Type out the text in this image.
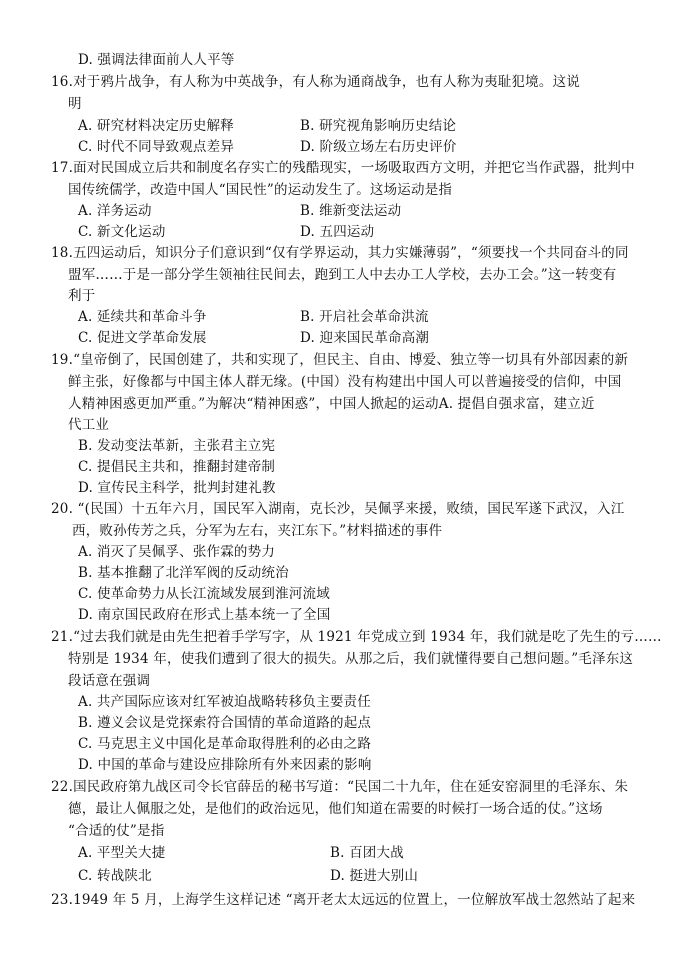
D. 强调法律面前人人平等
16.对于鸦片战争，有人称为中英战争，有人称为通商战争，也有人称为夷耻犯境。这说
明
A. 研究材料决定历史解释	B. 研究视角影响历史结论
C. 时代不同导致观点差异	D. 阶级立场左右历史评价
17.面对民国成立后共和制度名存实亡的残酷现实，一场吸取西方文明，并把它当作武器，批判中
国传统儒学，改造中国人“国民性”的运动发生了。这场运动是指
A. 洋务运动	B. 维新变法运动
C. 新文化运动	D. 五四运动
18.五四运动后，知识分子们意识到“仅有学界运动，其力实嫌薄弱”，“须要找一个共同奋斗的同
盟军……于是一部分学生领袖往民间去，跑到工人中去办工人学校，去办工会。”这一转变有
利于
A. 延续共和革命斗争	B. 开启社会革命洪流
C. 促进文学革命发展	D. 迎来国民革命高潮
19.“皇帝倒了，民国创建了，共和实现了，但民主、自由、博爱、独立等一切具有外部因素的新
鲜主张，好像都与中国主体人群无缘。(中国）没有构建出中国人可以普遍接受的信仰，中国
人精神困惑更加严重。”为解决“精神困惑”，中国人掀起的运动A. 提倡自强求富，建立近
代工业
B. 发动变法革新，主张君主立宪
C. 提倡民主共和，推翻封建帝制
D. 宣传民主科学，批判封建礼教
20. “(民国）十五年六月，国民军入湖南，克长沙，吴佩孚来援，败绩，国民军遂下武汉，入江
西，败孙传芳之兵，分军为左右，夹江东下。”材料描述的事件
A. 消灭了吴佩孚、张作霖的势力
B. 基本推翻了北洋军阀的反动统治
C. 使革命势力从长江流域发展到淮河流域
D. 南京国民政府在形式上基本统一了全国
21.“过去我们就是由先生把着手学写字，从 1921 年党成立到 1934 年，我们就是吃了先生的亏……
特别是 1934 年，使我们遭到了很大的损失。从那之后，我们就懂得要自己想问题。”毛泽东这
段话意在强调
A. 共产国际应该对红军被迫战略转移负主要责任
B. 遵义会议是党探索符合国情的革命道路的起点
C. 马克思主义中国化是革命取得胜利的必由之路
D. 中国的革命与建设应排除所有外来因素的影响
22.国民政府第九战区司令长官薛岳的秘书写道：“民国二十九年，住在延安窑洞里的毛泽东、朱
德，最让人佩服之处，是他们的政治远见，他们知道在需要的时候打一场合适的仗。”这场
“合适的仗”是指
A. 平型关大捷	B. 百团大战
C. 转战陕北	D. 挺进大别山
23.1949 年 5 月，上海学生这样记述 “离开老太太远远的位置上，一位解放军战士忽然站了起来
